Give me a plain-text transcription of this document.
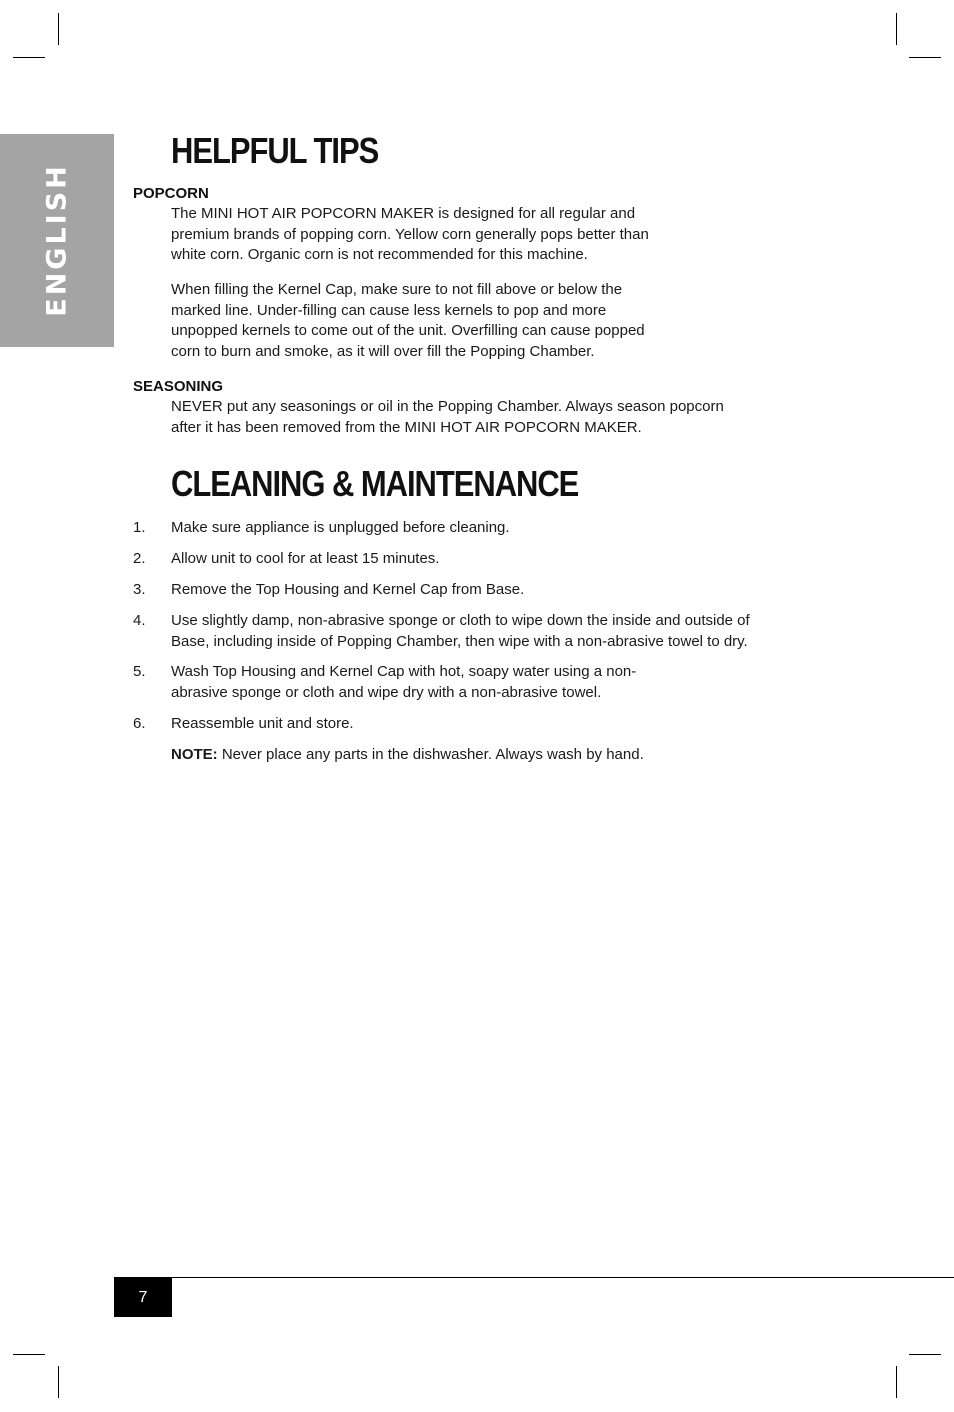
ENGLISH
HELPFUL TIPS
POPCORN
The MINI HOT AIR POPCORN MAKER is designed for all regular and
premium brands of popping corn. Yellow corn generally pops better than
white corn. Organic corn is not recommended for this machine.
When filling the Kernel Cap, make sure to not fill above or below the
marked line. Under-filling can cause less kernels to pop and more
unpopped kernels to come out of the unit. Overfilling can cause popped
corn to burn and smoke, as it will over fill the Popping Chamber.
SEASONING
NEVER put any seasonings or oil in the Popping Chamber. Always season popcorn
after it has been removed from the MINI HOT AIR POPCORN MAKER.
CLEANING & MAINTENANCE
1. Make sure appliance is unplugged before cleaning.
2. Allow unit to cool for at least 15 minutes.
3. Remove the Top Housing and Kernel Cap from Base.
4. Use slightly damp, non-abrasive sponge or cloth to wipe down the inside and outside of
Base, including inside of Popping Chamber, then wipe with a non-abrasive towel to dry.
5. Wash Top Housing and Kernel Cap with hot, soapy water using a non-
abrasive sponge or cloth and wipe dry with a non-abrasive towel.
6. Reassemble unit and store.
NOTE: Never place any parts in the dishwasher. Always wash by hand.
7
